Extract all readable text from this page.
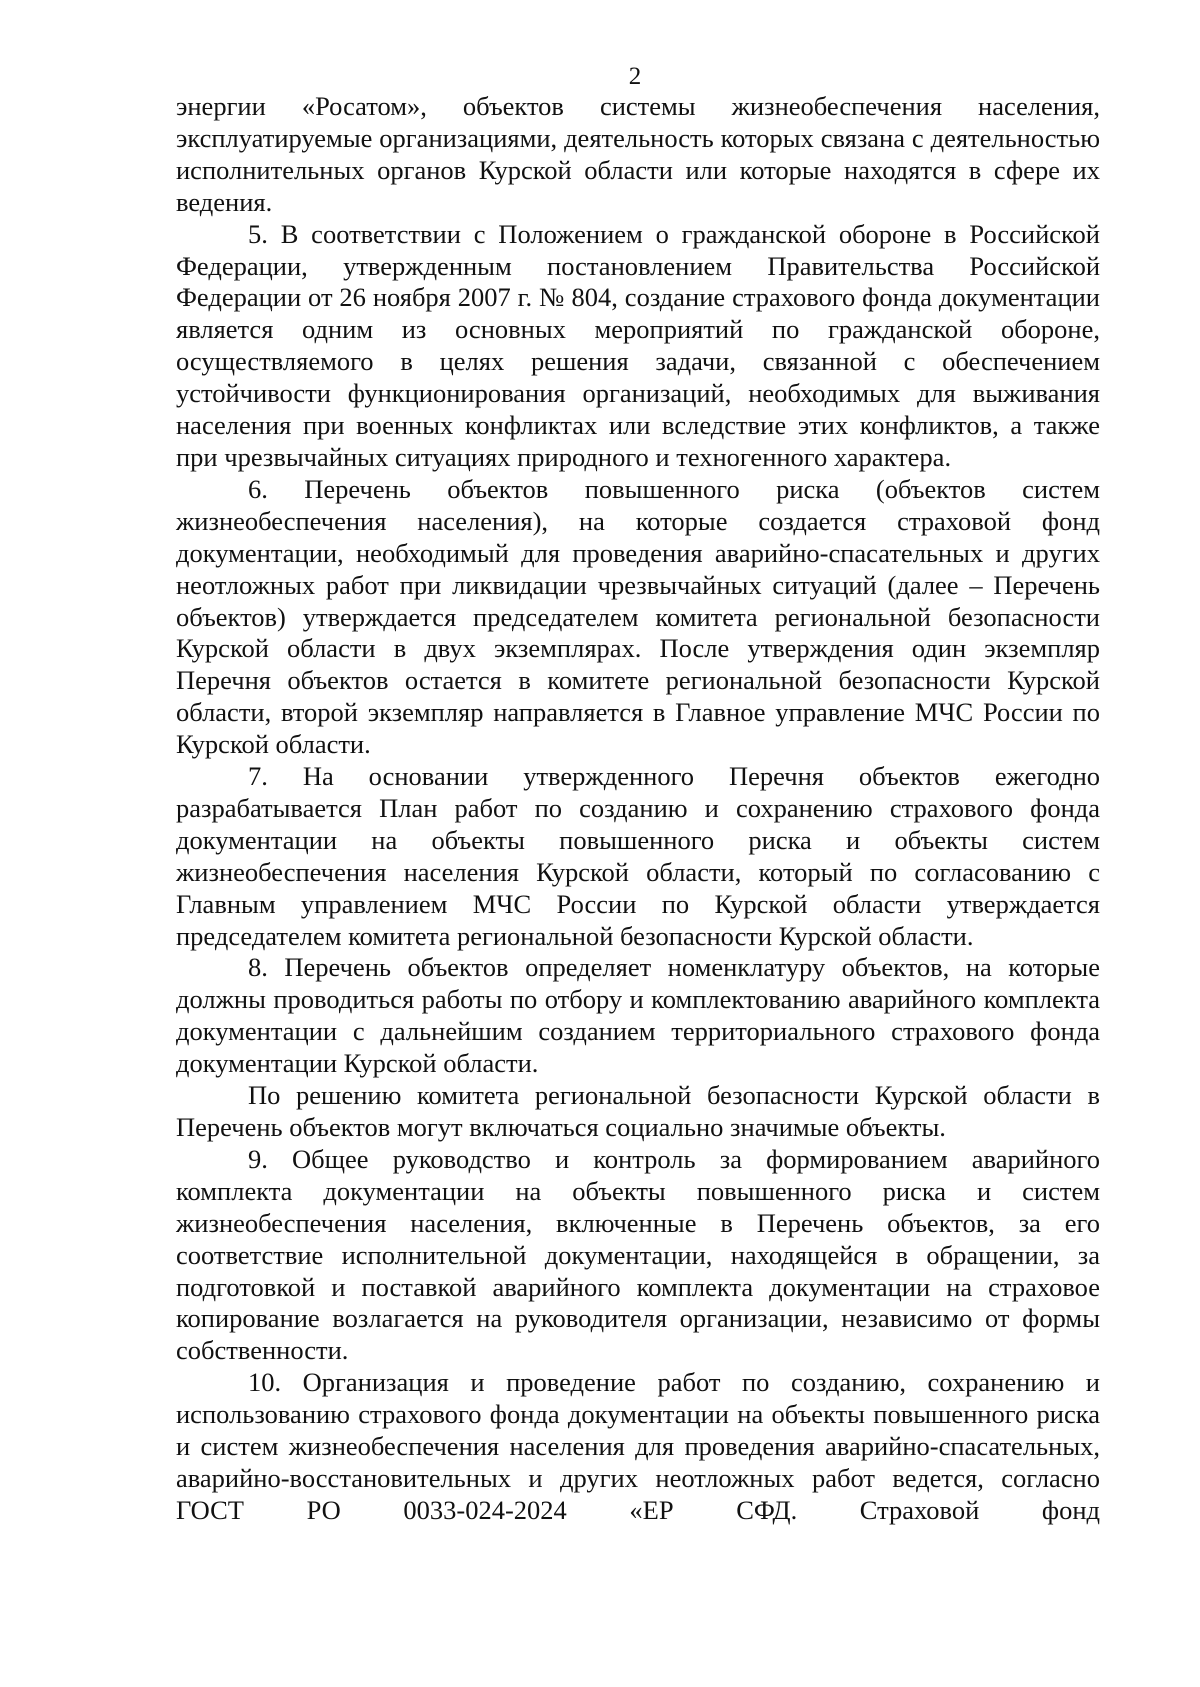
2

энергии «Росатом», объектов системы жизнеобеспечения населения, эксплуатируемые организациями, деятельность которых связана с деятельностью исполнительных органов Курской области или которые находятся в сфере их ведения.

5. В соответствии с Положением о гражданской обороне в Российской Федерации, утвержденным постановлением Правительства Российской Федерации от 26 ноября 2007 г. № 804, создание страхового фонда документации является одним из основных мероприятий по гражданской обороне, осуществляемого в целях решения задачи, связанной с обеспечением устойчивости функционирования организаций, необходимых для выживания населения при военных конфликтах или вследствие этих конфликтов, а также при чрезвычайных ситуациях природного и техногенного характера.

6. Перечень объектов повышенного риска (объектов систем жизнеобеспечения населения), на которые создается страховой фонд документации, необходимый для проведения аварийно-спасательных и других неотложных работ при ликвидации чрезвычайных ситуаций (далее – Перечень объектов) утверждается председателем комитета региональной безопасности Курской области в двух экземплярах. После утверждения один экземпляр Перечня объектов остается в комитете региональной безопасности Курской области, второй экземпляр направляется в Главное управление МЧС России по Курской области.

7. На основании утвержденного Перечня объектов ежегодно разрабатывается План работ по созданию и сохранению страхового фонда документации на объекты повышенного риска и объекты систем жизнеобеспечения населения Курской области, который по согласованию с Главным управлением МЧС России по Курской области утверждается председателем комитета региональной безопасности Курской области.

8. Перечень объектов определяет номенклатуру объектов, на которые должны проводиться работы по отбору и комплектованию аварийного комплекта документации с дальнейшим созданием территориального страхового фонда документации Курской области.

По решению комитета региональной безопасности Курской области в Перечень объектов могут включаться социально значимые объекты.

9. Общее руководство и контроль за формированием аварийного комплекта документации на объекты повышенного риска и систем жизнеобеспечения населения, включенные в Перечень объектов, за его соответствие исполнительной документации, находящейся в обращении, за подготовкой и поставкой аварийного комплекта документации на страховое копирование возлагается на руководителя организации, независимо от формы собственности.

10. Организация и проведение работ по созданию, сохранению и использованию страхового фонда документации на объекты повышенного риска и систем жизнеобеспечения населения для проведения аварийно-спасательных, аварийно-восстановительных и других неотложных работ ведется, согласно ГОСТ РО 0033-024-2024 «ЕР СФД. Страховой фонд
